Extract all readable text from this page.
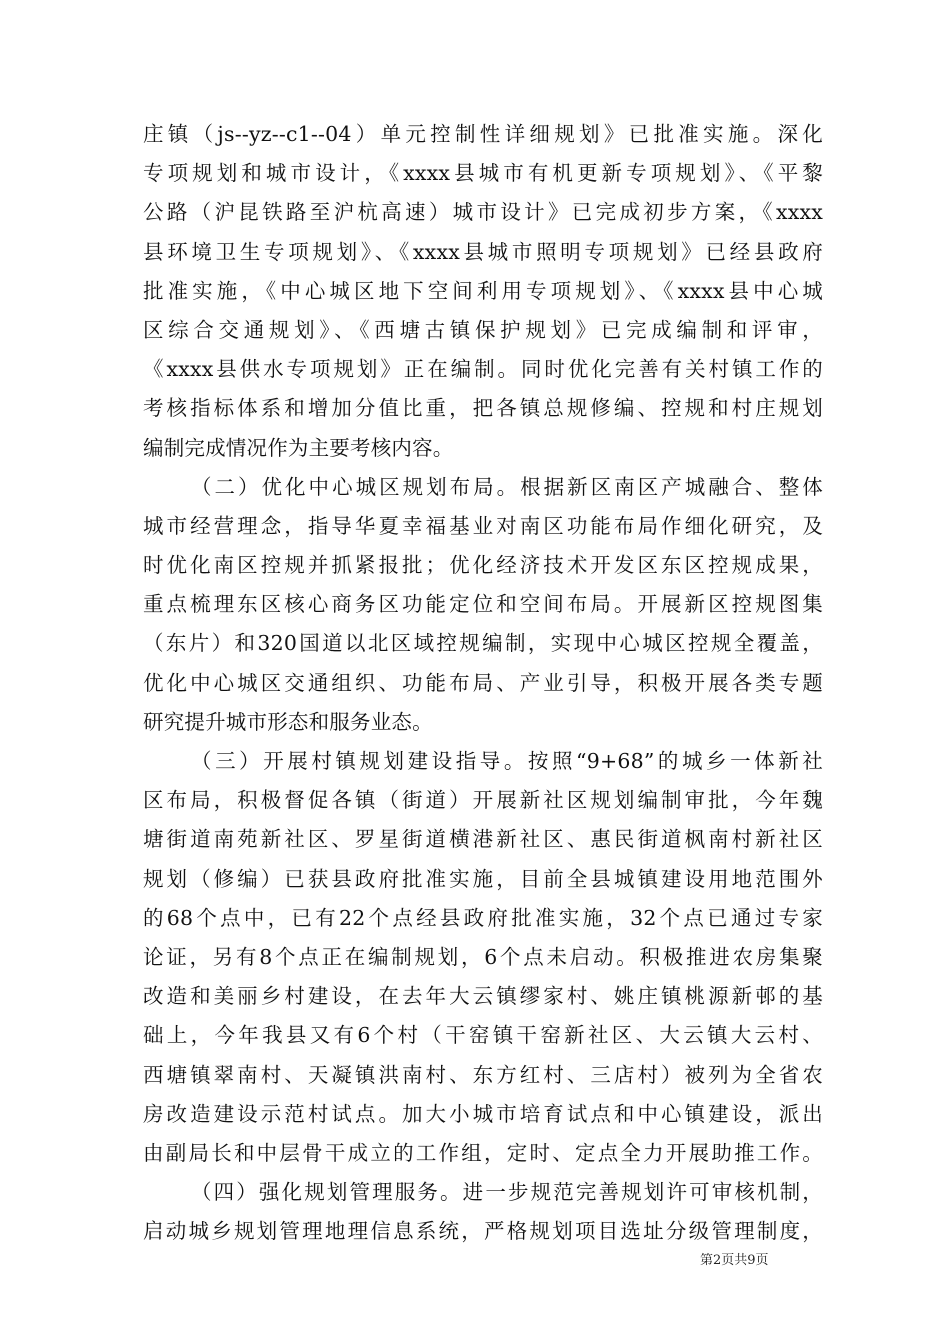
庄镇（js--yz--c1--04）单元控制性详细规划》已批准实施。深化
专项规划和城市设计，《xxxx县城市有机更新专项规划》、《平黎
公路（沪昆铁路至沪杭高速）城市设计》已完成初步方案，《xxxx
县环境卫生专项规划》、《xxxx县城市照明专项规划》已经县政府
批准实施，《中心城区地下空间利用专项规划》、《xxxx县中心城
区综合交通规划》、《西塘古镇保护规划》已完成编制和评审，
《xxxx县供水专项规划》正在编制。同时优化完善有关村镇工作的
考核指标体系和增加分值比重，把各镇总规修编、控规和村庄规划
编制完成情况作为主要考核内容。
（二）优化中心城区规划布局。根据新区南区产城融合、整体
城市经营理念，指导华夏幸福基业对南区功能布局作细化研究，及
时优化南区控规并抓紧报批；优化经济技术开发区东区控规成果，
重点梳理东区核心商务区功能定位和空间布局。开展新区控规图集
（东片）和320国道以北区域控规编制，实现中心城区控规全覆盖，
优化中心城区交通组织、功能布局、产业引导，积极开展各类专题
研究提升城市形态和服务业态。
（三）开展村镇规划建设指导。按照“9+68”的城乡一体新社
区布局，积极督促各镇（街道）开展新社区规划编制审批，今年魏
塘街道南苑新社区、罗星街道横港新社区、惠民街道枫南村新社区
规划（修编）已获县政府批准实施，目前全县城镇建设用地范围外
的68个点中，已有22个点经县政府批准实施，32个点已通过专家
论证，另有8个点正在编制规划，6个点未启动。积极推进农房集聚
改造和美丽乡村建设，在去年大云镇缪家村、姚庄镇桃源新邨的基
础上，今年我县又有6个村（干窑镇干窑新社区、大云镇大云村、
西塘镇翠南村、天凝镇洪南村、东方红村、三店村）被列为全省农
房改造建设示范村试点。加大小城市培育试点和中心镇建设，派出
由副局长和中层骨干成立的工作组，定时、定点全力开展助推工作。
（四）强化规划管理服务。进一步规范完善规划许可审核机制，
启动城乡规划管理地理信息系统，严格规划项目选址分级管理制度，
第2页共9页
